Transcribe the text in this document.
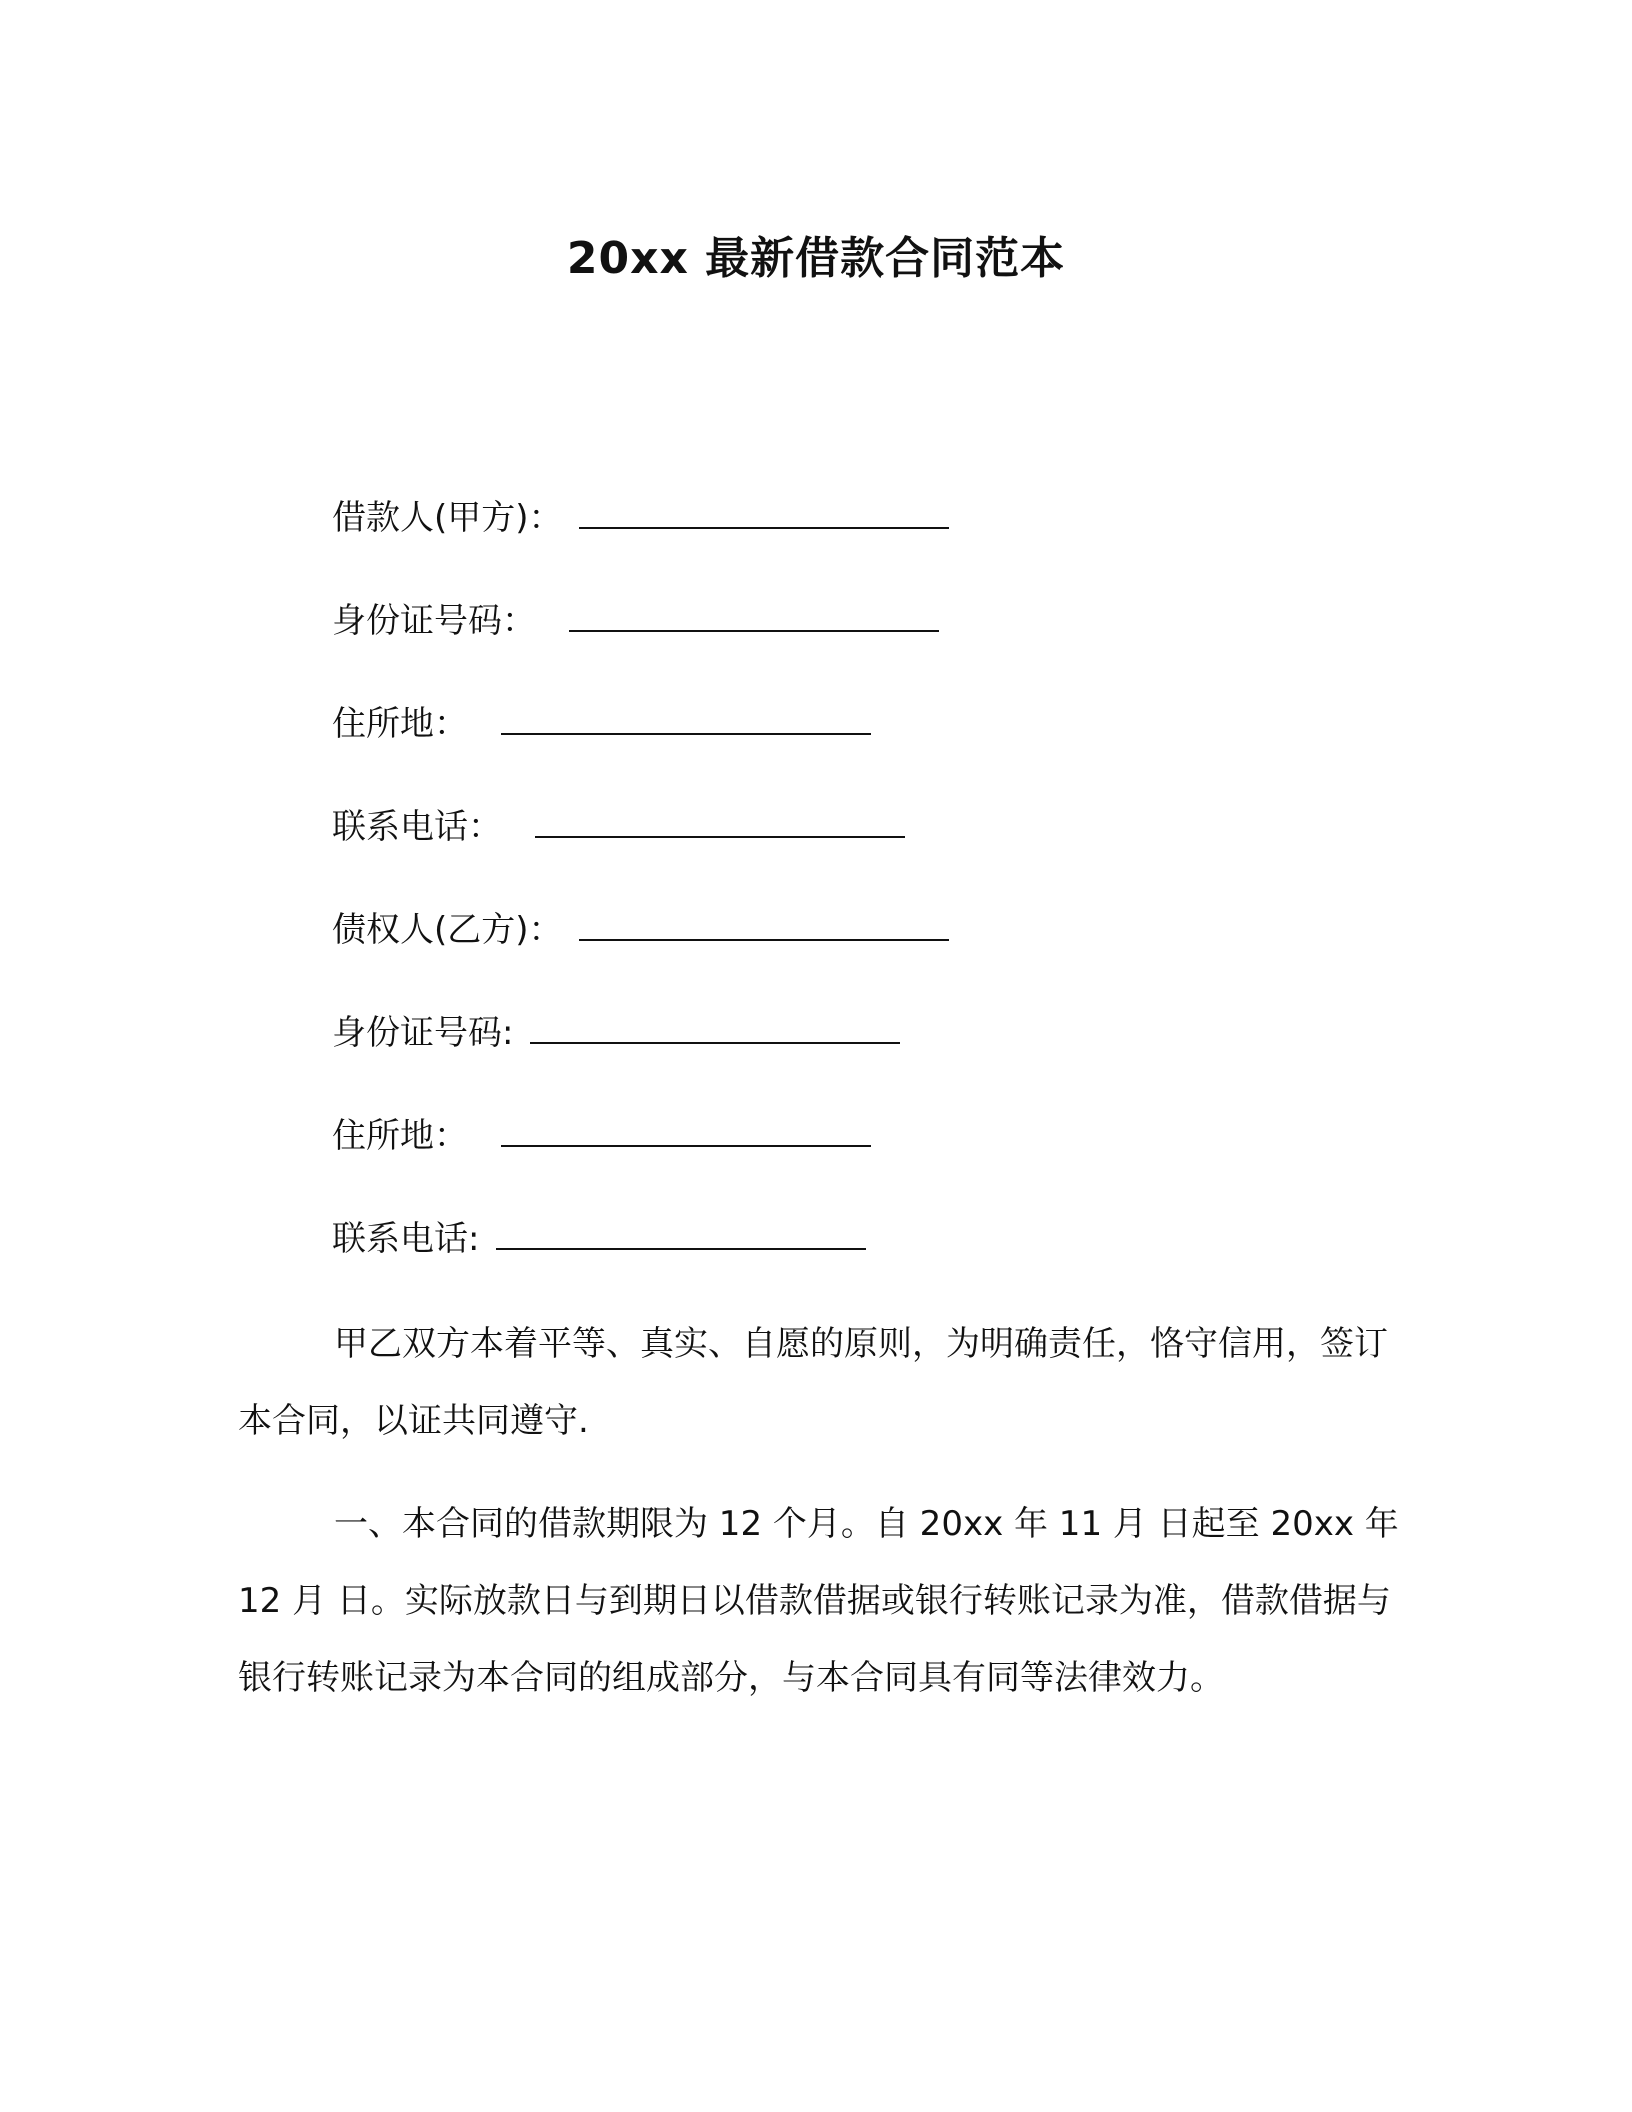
20xx 最新借款合同范本
借款人(甲方)：
身份证号码：
住所地：
联系电话：
债权人(乙方)：
身份证号码:
住所地：
联系电话:
甲乙双方本着平等、真实、自愿的原则，为明确责任，恪守信用，签订本合同，以证共同遵守.
一、本合同的借款期限为 12 个月。自 20xx 年 11 月 日起至 20xx 年 12 月 日。实际放款日与到期日以借款借据或银行转账记录为准，借款借据与银行转账记录为本合同的组成部分，与本合同具有同等法律效力。
